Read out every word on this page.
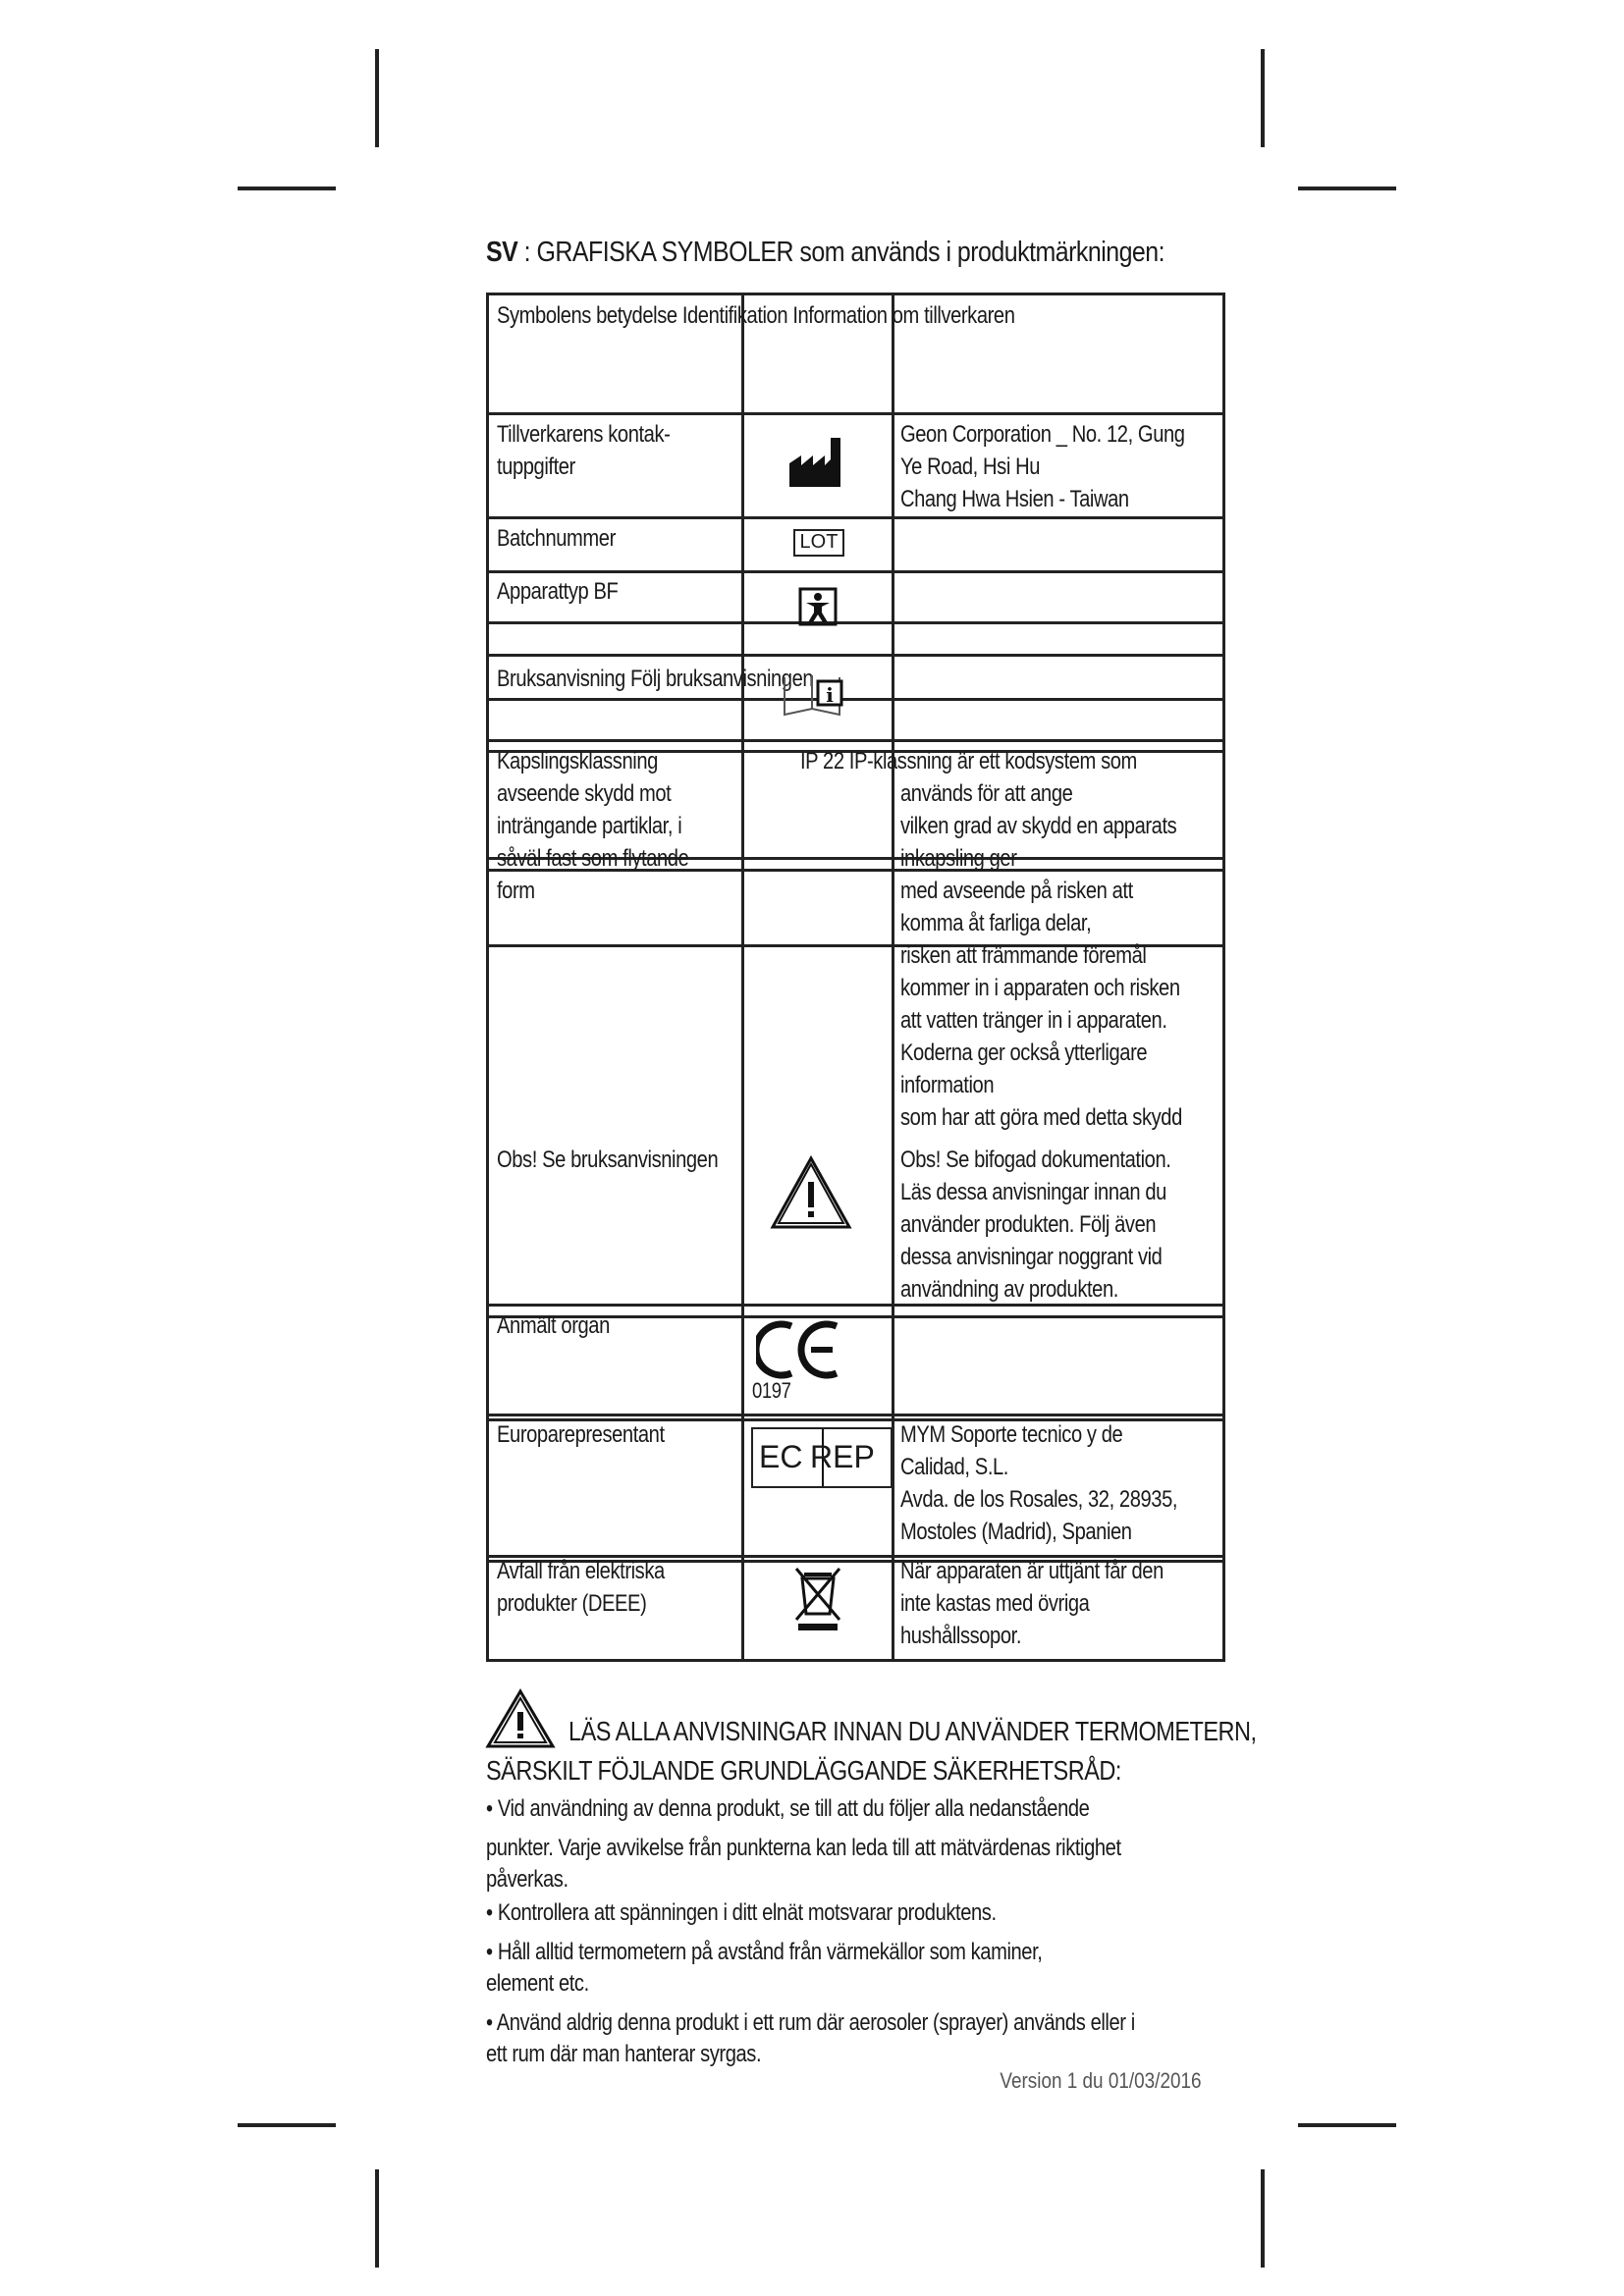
SV : GRAFISKA SYMBOLER som används i produktmärkningen:
Symbolens betydelse Identifikation Information om tillverkaren
Tillverkarens kontak-
tuppgifter
Geon Corporation _ No. 12, Gung
Ye Road, Hsi Hu
Chang Hwa Hsien - Taiwan
Batchnummer	LOT
Apparattyp BF
Bruksanvisning Följ bruksanvisningen
i
Kapslingsklassning
avseende skydd mot
inträngande partiklar, i
såväl fast som flytande
form
IP 22 IP-klassning är ett kodsystem som
används för att ange
vilken grad av skydd en apparats
inkapsling ger
med avseende på risken att
komma åt farliga delar,
risken att främmande föremål
kommer in i apparaten och risken
att vatten tränger in i apparaten.
Koderna ger också ytterligare
information
som har att göra med detta skydd
Obs! Se bruksanvisningen	Obs! Se bifogad dokumentation.
Läs dessa anvisningar innan du
använder produkten. Följ även
dessa anvisningar noggrant vid
användning av produkten.
Anmält organ
0197
Europarepresentant
EC REP
MYM Soporte tecnico y de
Calidad, S.L.
Avda. de los Rosales, 32, 28935,
Mostoles (Madrid), Spanien
Avfall från elektriska
produkter (DEEE)
När apparaten är uttjänt får den
inte kastas med övriga
hushållssopor.
LÄS ALLA ANVISNINGAR INNAN DU ANVÄNDER TERMOMETERN,
SÄRSKILT FÖJLANDE GRUNDLÄGGANDE SÄKERHETSRÅD:
• Vid användning av denna produkt, se till att du följer alla nedanstående
punkter. Varje avvikelse från punkterna kan leda till att mätvärdenas riktighet
påverkas.
• Kontrollera att spänningen i ditt elnät motsvarar produktens.
• Håll alltid termometern på avstånd från värmekällor som kaminer,
element etc.
• Använd aldrig denna produkt i ett rum där aerosoler (sprayer) används eller i
ett rum där man hanterar syrgas.
Version 1 du 01/03/2016
